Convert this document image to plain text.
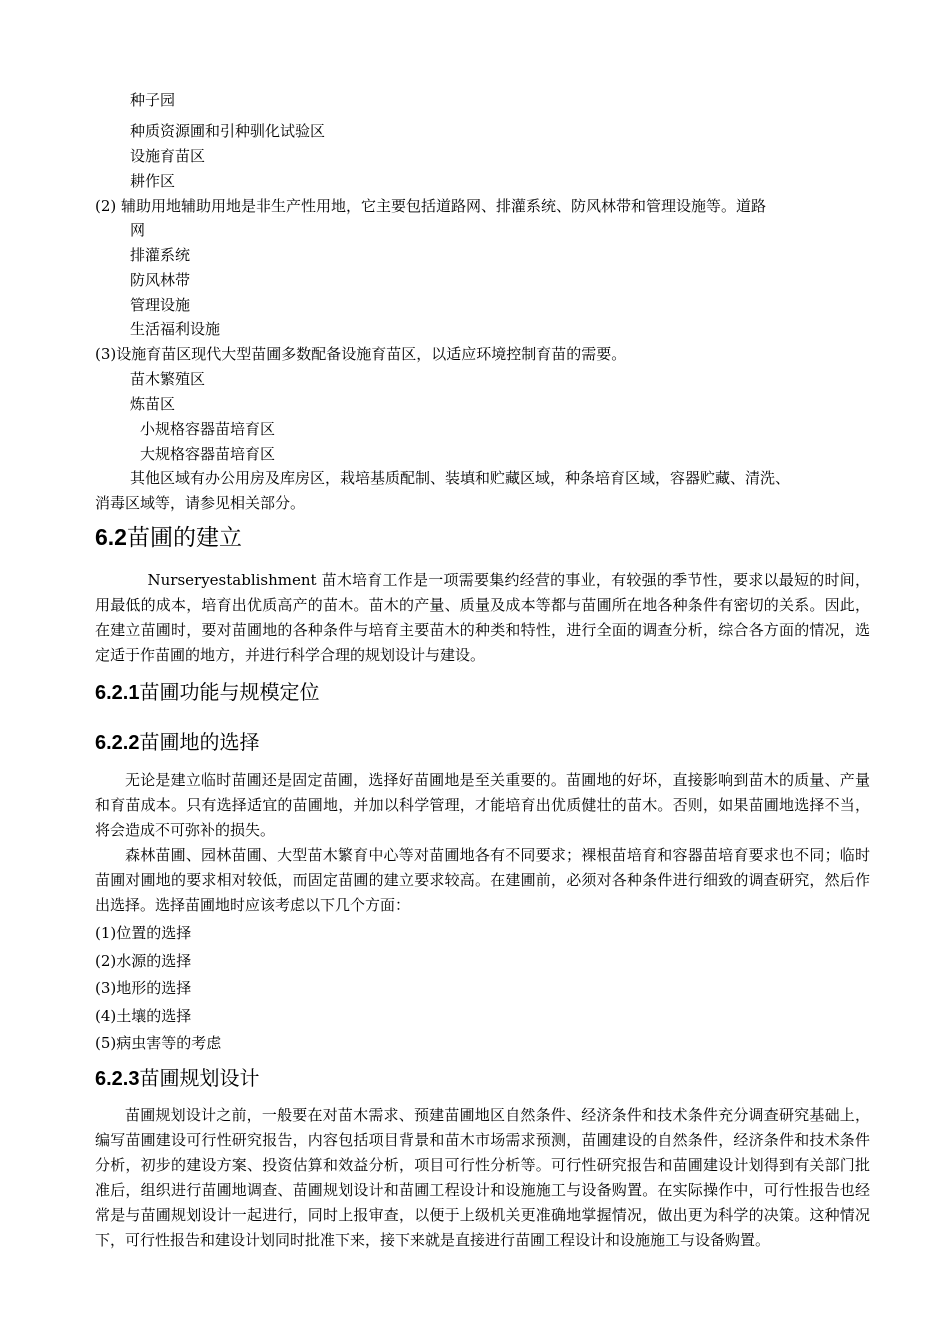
种子园
种质资源圃和引种驯化试验区
设施育苗区
耕作区
(2) 辅助用地辅助用地是非生产性用地，它主要包括道路网、排灌系统、防风林带和管理设施等。道路
网
排灌系统
防风林带
管理设施
生活福利设施
(3)设施育苗区现代大型苗圃多数配备设施育苗区，以适应环境控制育苗的需要。
苗木繁殖区
炼苗区
小规格容器苗培育区
大规格容器苗培育区
其他区域有办公用房及库房区，栽培基质配制、装填和贮藏区域，种条培育区域，容器贮藏、清洗、
消毒区域等，请参见相关部分。
6.2苗圃的建立

Nurseryestablishment 苗木培育工作是一项需要集约经营的事业，有较强的季节性，要求以最短的时间，用最低的成本，培育出优质高产的苗木。苗木的产量、质量及成本等都与苗圃所在地各种条件有密切的关系。因此，在建立苗圃时，要对苗圃地的各种条件与培育主要苗木的种类和特性，进行全面的调查分析，综合各方面的情况，选定适于作苗圃的地方，并进行科学合理的规划设计与建设。

6.2.1苗圃功能与规模定位
6.2.2苗圃地的选择

无论是建立临时苗圃还是固定苗圃，选择好苗圃地是至关重要的。苗圃地的好坏，直接影响到苗木的质量、产量和育苗成本。只有选择适宜的苗圃地，并加以科学管理，才能培育出优质健壮的苗木。否则，如果苗圃地选择不当，将会造成不可弥补的损失。

森林苗圃、园林苗圃、大型苗木繁育中心等对苗圃地各有不同要求；裸根苗培育和容器苗培育要求也不同；临时苗圃对圃地的要求相对较低，而固定苗圃的建立要求较高。在建圃前，必须对各种条件进行细致的调查研究，然后作出选择。选择苗圃地时应该考虑以下几个方面：

(1)位置的选择
(2)水源的选择
(3)地形的选择
(4)土壤的选择
(5)病虫害等的考虑
6.2.3苗圃规划设计

苗圃规划设计之前，一般要在对苗木需求、预建苗圃地区自然条件、经济条件和技术条件充分调查研究基础上，编写苗圃建设可行性研究报告，内容包括项目背景和苗木市场需求预测，苗圃建设的自然条件，经济条件和技术条件分析，初步的建设方案、投资估算和效益分析，项目可行性分析等。可行性研究报告和苗圃建设计划得到有关部门批准后，组织进行苗圃地调查、苗圃规划设计和苗圃工程设计和设施施工与设备购置。在实际操作中，可行性报告也经常是与苗圃规划设计一起进行，同时上报审查，以便于上级机关更准确地掌握情况，做出更为科学的决策。这种情况下，可行性报告和建设计划同时批准下来，接下来就是直接进行苗圃工程设计和设施施工与设备购置。
